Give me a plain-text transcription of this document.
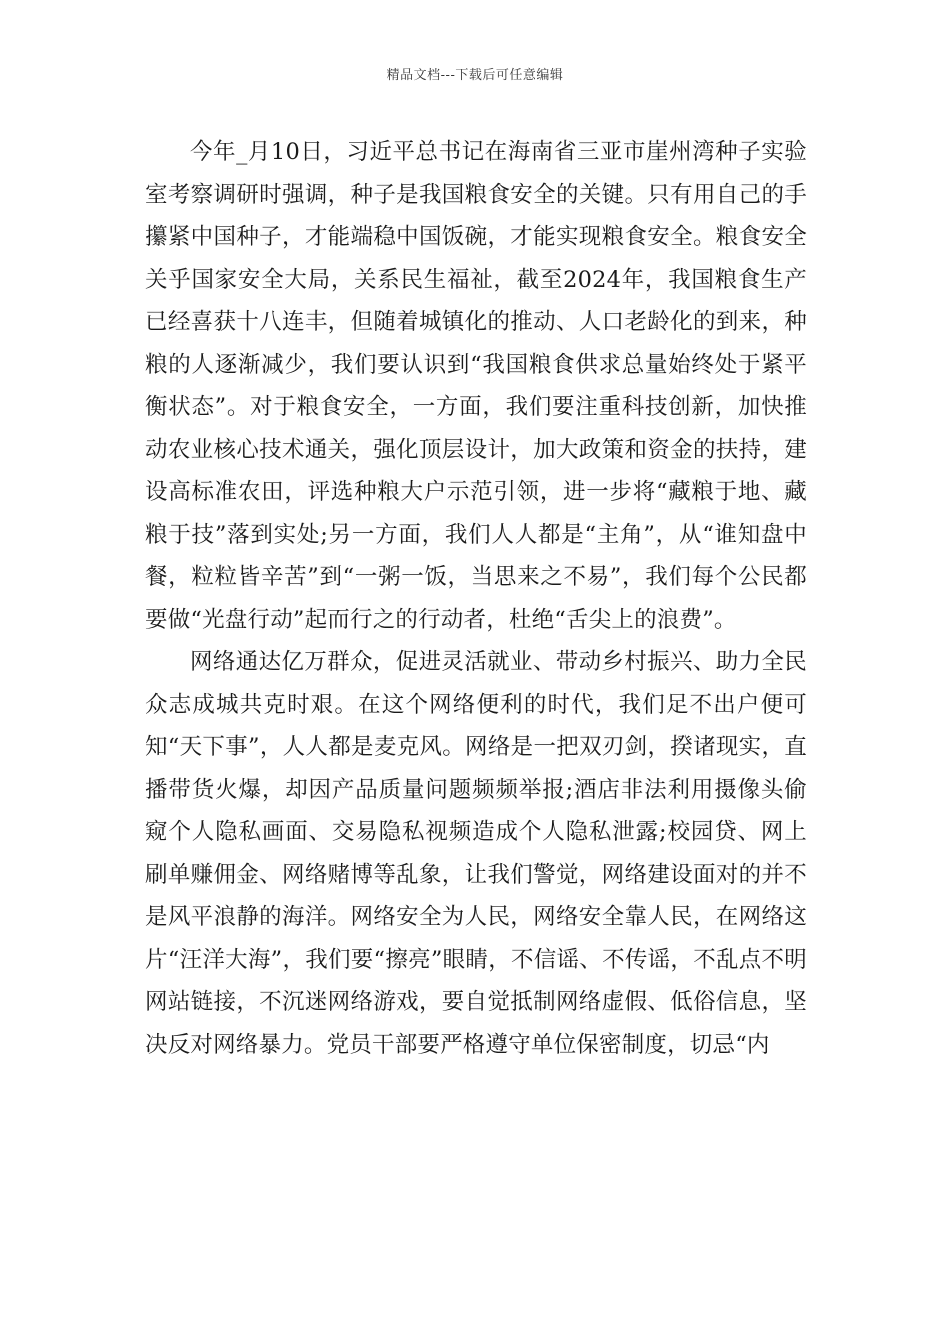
精品文档---下载后可任意编辑

今年_月10日，习近平总书记在海南省三亚市崖州湾种子实验室考察调研时强调，种子是我国粮食安全的关键。只有用自己的手攥紧中国种子，才能端稳中国饭碗，才能实现粮食安全。粮食安全关乎国家安全大局，关系民生福祉，截至2024年，我国粮食生产已经喜获十八连丰，但随着城镇化的推动、人口老龄化的到来，种粮的人逐渐减少，我们要认识到“我国粮食供求总量始终处于紧平衡状态”。对于粮食安全，一方面，我们要注重科技创新，加快推动农业核心技术通关，强化顶层设计，加大政策和资金的扶持，建设高标准农田，评选种粮大户示范引领，进一步将“藏粮于地、藏粮于技”落到实处;另一方面，我们人人都是“主角”，从“谁知盘中餐，粒粒皆辛苦”到“一粥一饭，当思来之不易”，我们每个公民都要做“光盘行动”起而行之的行动者，杜绝“舌尖上的浪费”。

网络通达亿万群众，促进灵活就业、带动乡村振兴、助力全民众志成城共克时艰。在这个网络便利的时代，我们足不出户便可知“天下事”，人人都是麦克风。网络是一把双刃剑，揆诸现实，直播带货火爆，却因产品质量问题频频举报;酒店非法利用摄像头偷窥个人隐私画面、交易隐私视频造成个人隐私泄露;校园贷、网上刷单赚佣金、网络赌博等乱象，让我们警觉，网络建设面对的并不是风平浪静的海洋。网络安全为人民，网络安全靠人民，在网络这片“汪洋大海”，我们要“擦亮”眼睛，不信谣、不传谣，不乱点不明网站链接，不沉迷网络游戏，要自觉抵制网络虚假、低俗信息，坚决反对网络暴力。党员干部要严格遵守单位保密制度，切忌“内
